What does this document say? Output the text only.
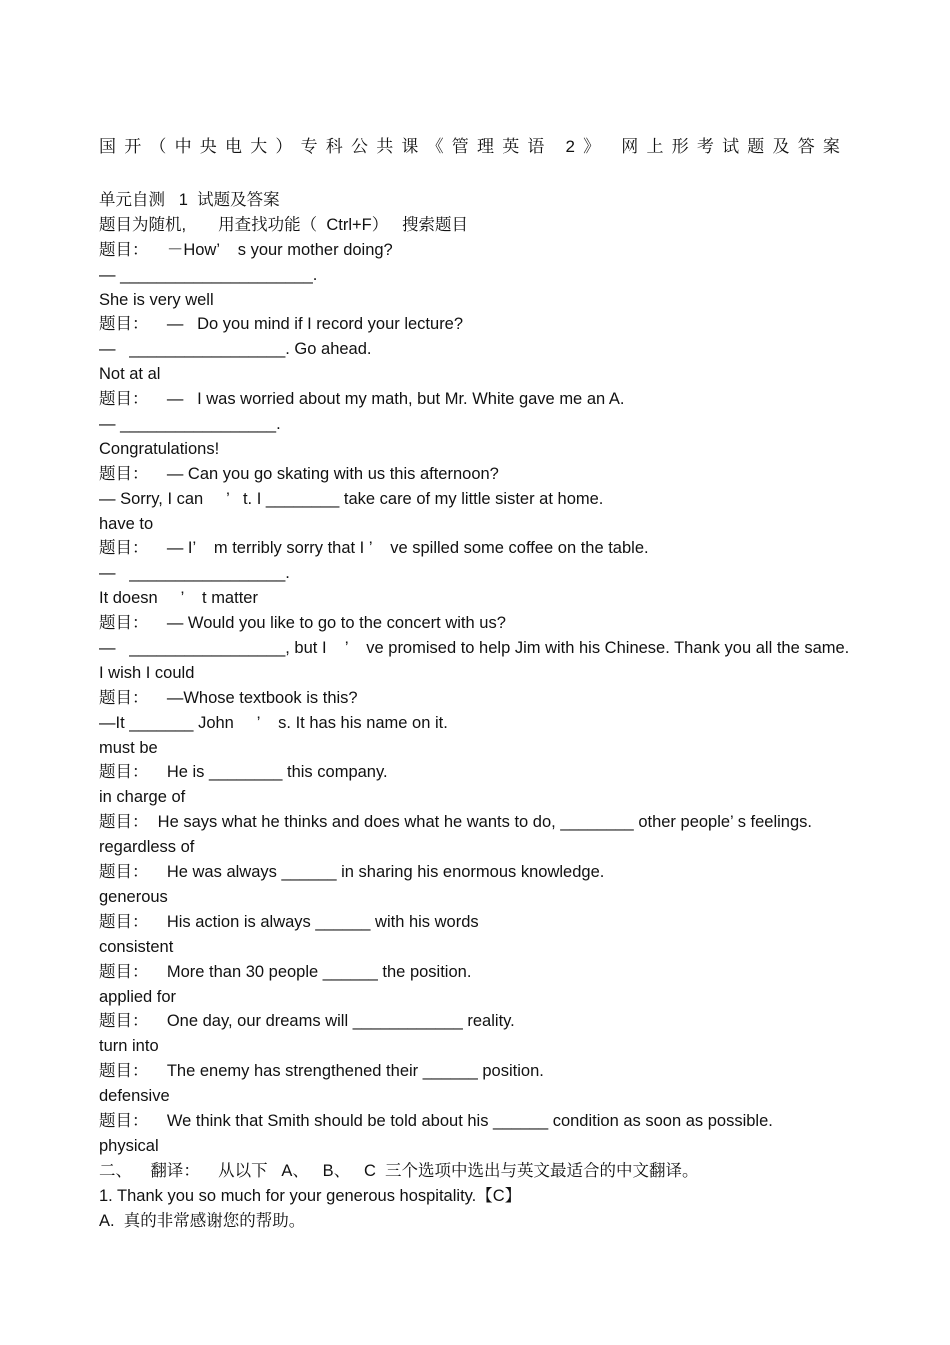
国开（中央电大）专科公共课《管理英语 2》 网上形考试题及答案
单元自测   1  试题及答案
题目为随机,       用查找功能（  Ctrl+F）   搜索题目
题目：    －How’    s your mother doing?
— _____________________.
She is very well
题目：    —   Do you mind if I record your lecture?
—   _________________. Go ahead.
Not at al
题目：    —   I was worried about my math, but Mr. White gave me an A.
— _________________.
Congratulations!
题目：    — Can you go skating with us this afternoon?
— Sorry, I can     ’   t. I ________ take care of my little sister at home.
have to
题目：    — I’    m terribly sorry that I ’    ve spilled some coffee on the table.
—   _________________.
It doesn     ’    t matter
题目：    — Would you like to go to the concert with us?
—   _________________, but I    ’    ve promised to help Jim with his Chinese. Thank you all the same.
I wish I could
题目：    —Whose textbook is this?
—It _______ John     ’    s. It has his name on it.
must be
题目：    He is ________ this company.
in charge of
题目：  He says what he thinks and does what he wants to do, ________ other people’ s feelings.
regardless of
题目：    He was always ______ in sharing his enormous knowledge.
generous
题目：    His action is always ______ with his words
consistent
题目：    More than 30 people ______ the position.
applied for
题目：    One day, our dreams will ____________ reality.
turn into
题目：    The enemy has strengthened their ______ position.
defensive
题目：    We think that Smith should be told about his ______ condition as soon as possible.
physical
二、    翻译：    从以下   A、   B、   C  三个选项中选出与英文最适合的中文翻译。
1. Thank you so much for your generous hospitality.【C】
A.  真的非常感谢您的帮助。
